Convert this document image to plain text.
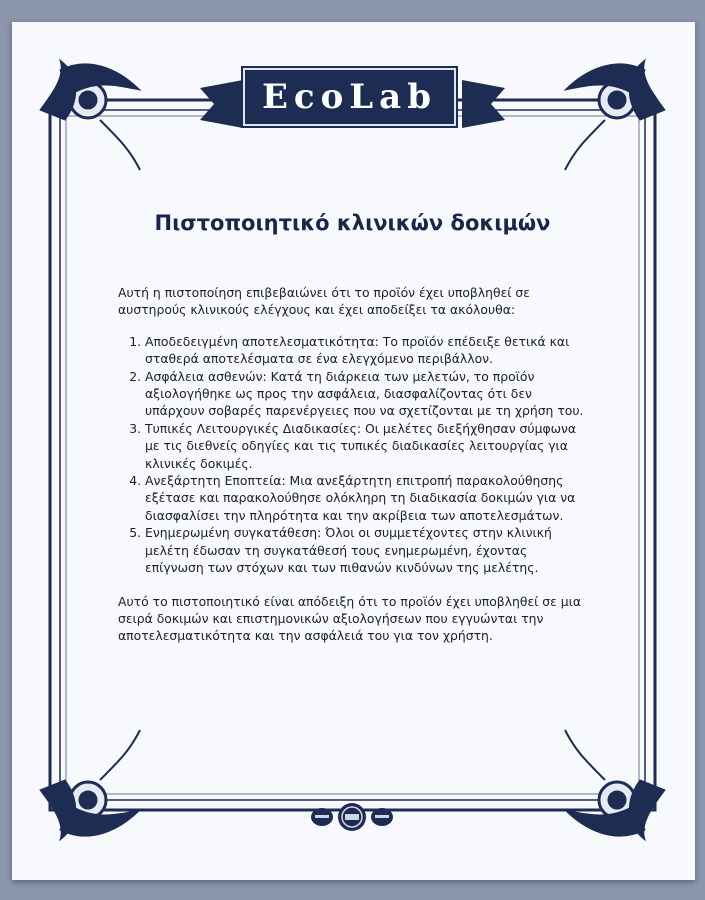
EcoLab
Πιστοποιητικό κλινικών δοκιμών

Αυτή η πιστοποίηση επιβεβαιώνει ότι το προϊόν έχει υποβληθεί σε αυστηρούς κλινικούς ελέγχους και έχει αποδείξει τα ακόλουθα:

1. Αποδεδειγμένη αποτελεσματικότητα: Το προϊόν επέδειξε θετικά και σταθερά αποτελέσματα σε ένα ελεγχόμενο περιβάλλον.
2. Ασφάλεια ασθενών: Κατά τη διάρκεια των μελετών, το προϊόν αξιολογήθηκε ως προς την ασφάλεια, διασφαλίζοντας ότι δεν υπάρχουν σοβαρές παρενέργειες που να σχετίζονται με τη χρήση του.
3. Τυπικές Λειτουργικές Διαδικασίες: Οι μελέτες διεξήχθησαν σύμφωνα με τις διεθνείς οδηγίες και τις τυπικές διαδικασίες λειτουργίας για κλινικές δοκιμές.
4. Ανεξάρτητη Εποπτεία: Μια ανεξάρτητη επιτροπή παρακολούθησης εξέτασε και παρακολούθησε ολόκληρη τη διαδικασία δοκιμών για να διασφαλίσει την πληρότητα και την ακρίβεια των αποτελεσμάτων.
5. Ενημερωμένη συγκατάθεση: Όλοι οι συμμετέχοντες στην κλινική μελέτη έδωσαν τη συγκατάθεσή τους ενημερωμένη, έχοντας επίγνωση των στόχων και των πιθανών κινδύνων της μελέτης.

Αυτό το πιστοποιητικό είναι απόδειξη ότι το προϊόν έχει υποβληθεί σε μια σειρά δοκιμών και επιστημονικών αξιολογήσεων που εγγυώνται την αποτελεσματικότητα και την ασφάλειά του για τον χρήστη.
